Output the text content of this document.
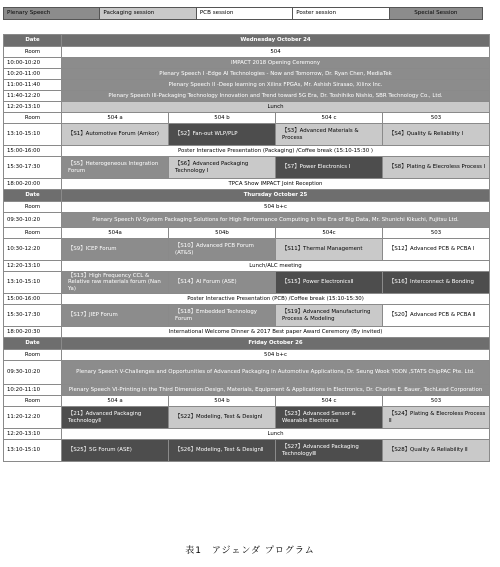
Plenary Speech	Packaging session	PCB session	Poster session	Special Session
Date	Wednesday October 24			
Room	504			
10:00-10:20	IMPACT 2018 Opening Ceremony			
10:20-11:00	Plenary Speech I -Edge AI Technologies - Now and Tomorrow, Dr. Ryan Chen, MediaTek			
11:00-11:40	Plenary Speech II -Deep learning on Xilinx FPGAs, Mr. Ashish Sirasao, Xilinx Inc.			
11:40-12:20	Plenary Speech III-Packaging Technology Innovation and Trend toward 5G Era, Dr. Toshihiko Nishio, SBR Technology Co., Ltd.			
12:20-13:10	Lunch			
Room	504 a	504 b	504 c	503
13:10-15:10	【S1】Automotive Forum (Amkor)	【S2】Fan-out WLP/PLP	【S3】Advanced Materials & Process	【S4】Quality & Reliability Ⅰ
15:00-16:00	Poster Interactive Presentation (Packaging) /Coffee break (15:10-15:30 )			
15:30-17:30	【S5】Heterogeneous Integration Forum	【S6】Advanced Packaging Technology Ⅰ	【S7】Power Electronics Ⅰ	【S8】Plating & Elecroless Process Ⅰ
18:00-20:00	TPCA Show IMPACT Joint Reception			
Date	Thursday October 25			
Room	504 b+c			
09:30-10:20	Plenary Speech IV-System Packaging Solutions for High Performance Computing In the Era of Big Data, Mr. Shunichi Kikuchi, Fujitsu Ltd.			
Room	504a	504b	504c	503
10:30-12:20	【S9】ICEP Forum	【S10】Advanced PCB Forum (AT&S)	【S11】Thermal Management	【S12】Advanced PCB & PCBA Ⅰ
12:20-13:10	Lunch/ALC meeting			
13:10-15:10	【S13】High Frequency CCL & Relative raw materials forum (Nan Ya)	【S14】AI Forum (ASE)	【S15】Power ElectronicsⅡ	【S16】Interconnect & Bonding
15:00-16:00	Poster Interactive Presentation (PCB) /Coffee break (15:10-15:30)			
15:30-17:30	【S17】JIEP Forum	【S18】Embedded Technology Forum	【S19】Advanced Manufacturing Process & Modeling	【S20】Advanced PCB & PCBA Ⅱ
18:00-20:30	International Welcome Dinner & 2017 Best paper Award Ceremony (By invited)			
Date	Friday October 26			
Room	504 b+c			
09:30-10:20	Plenary Speech V-Challenges and Opportunities of Advanced Packaging in Automotive Applications, Dr. Seung Wook YOON ,STATS ChipPAC Pte. Ltd.			
10:20-11:10	Plenary Speech VI-Printing in the Third Dimension:Design, Materials, Equipment & Applications in Electronics, Dr. Charles E. Bauer, TechLead Corporation			
Room	504 a	504 b	504 c	503
11:20-12:20	【21】Advanced Packaging TechnologyⅡ	【S22】Modeling, Test & DesignⅠ	【S23】Advanced Sensor & Wearable Electronics	【S24】Plating & Elecroless Process Ⅱ
12:20-13:10	Lunch			
13:10-15:10	【S25】5G Forum (ASE)	【S26】Modeling, Test & DesignⅡ	【S27】Advanced Packaging TechnologyⅢ	【S28】Quality & Reliability Ⅱ
表1　アジェンダ プログラム
